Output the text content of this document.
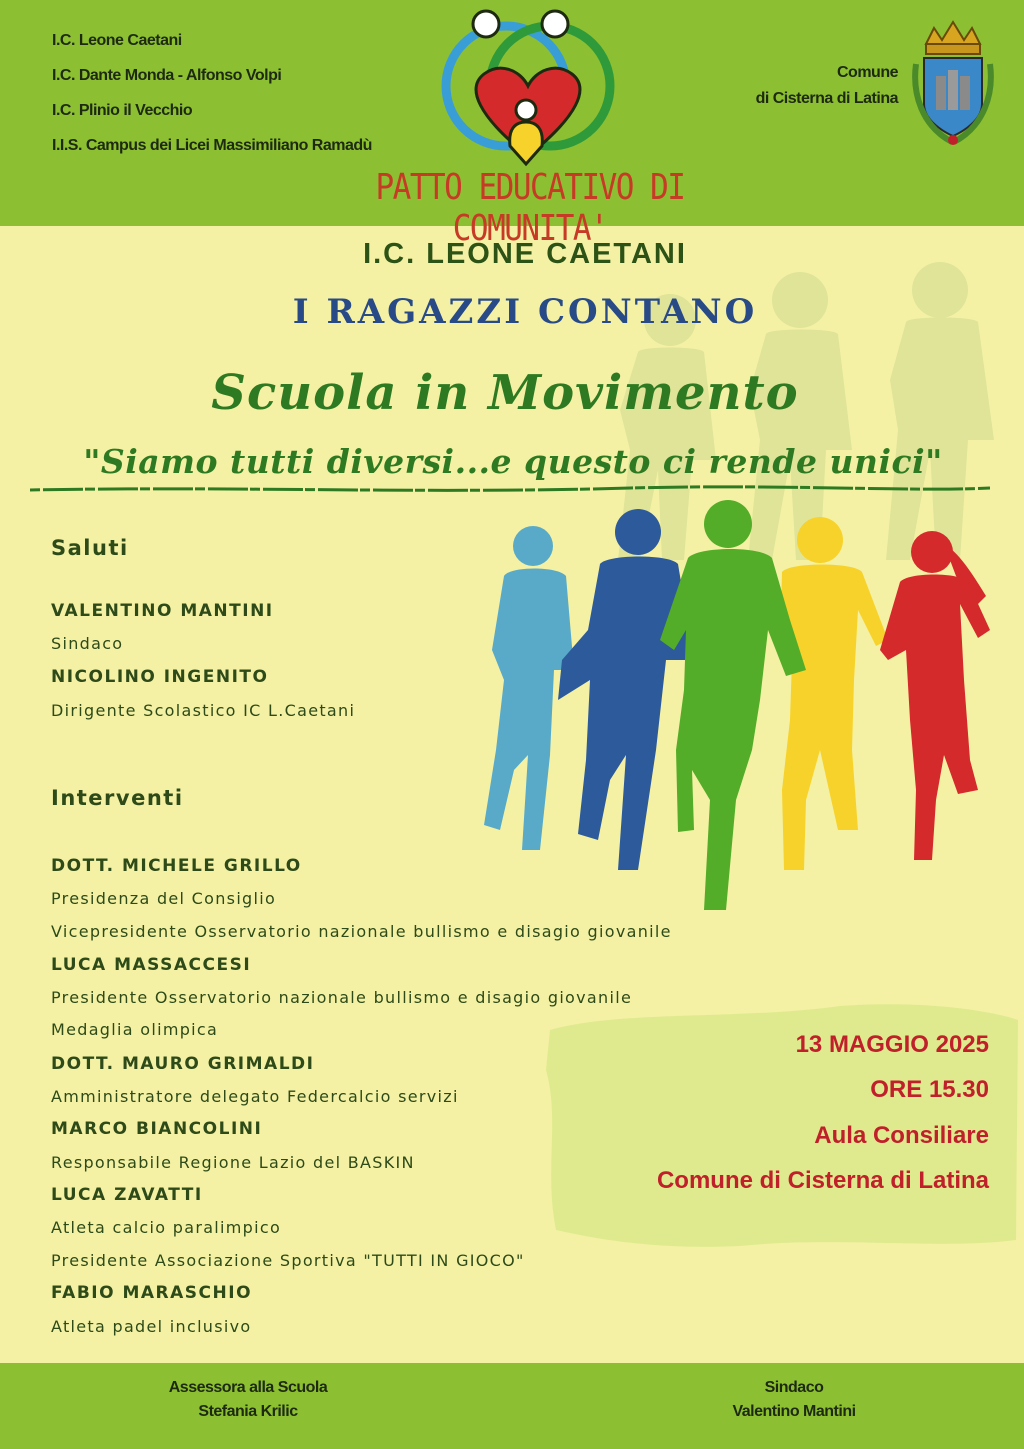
I.C. Leone Caetani
I.C. Dante Monda - Alfonso Volpi
I.C. Plinio il Vecchio
I.I.S. Campus dei Licei Massimiliano Ramadù
PATTO EDUCATIVO DI COMUNITA'
Comune
di Cisterna di Latina
I.C. LEONE CAETANI
I RAGAZZI CONTANO
Scuola in Movimento
"Siamo tutti diversi...e questo ci rende unici"
Saluti
VALENTINO MANTINI
Sindaco
NICOLINO INGENITO
Dirigente Scolastico IC L.Caetani
Interventi
DOTT. MICHELE GRILLO
Presidenza del Consiglio
Vicepresidente Osservatorio nazionale bullismo e disagio giovanile
LUCA MASSACCESI
Presidente Osservatorio nazionale bullismo e disagio giovanile
Medaglia olimpica
DOTT. MAURO GRIMALDI
Amministratore delegato Federcalcio servizi
MARCO BIANCOLINI
Responsabile Regione Lazio del BASKIN
LUCA ZAVATTI
Atleta calcio paralimpico
Presidente Associazione Sportiva "TUTTI IN GIOCO"
FABIO MARASCHIO
Atleta padel inclusivo
13 MAGGIO 2025
ORE 15.30
Aula Consiliare
Comune di Cisterna di Latina
Assessora alla Scuola
Stefania Krilic
Sindaco
Valentino Mantini
